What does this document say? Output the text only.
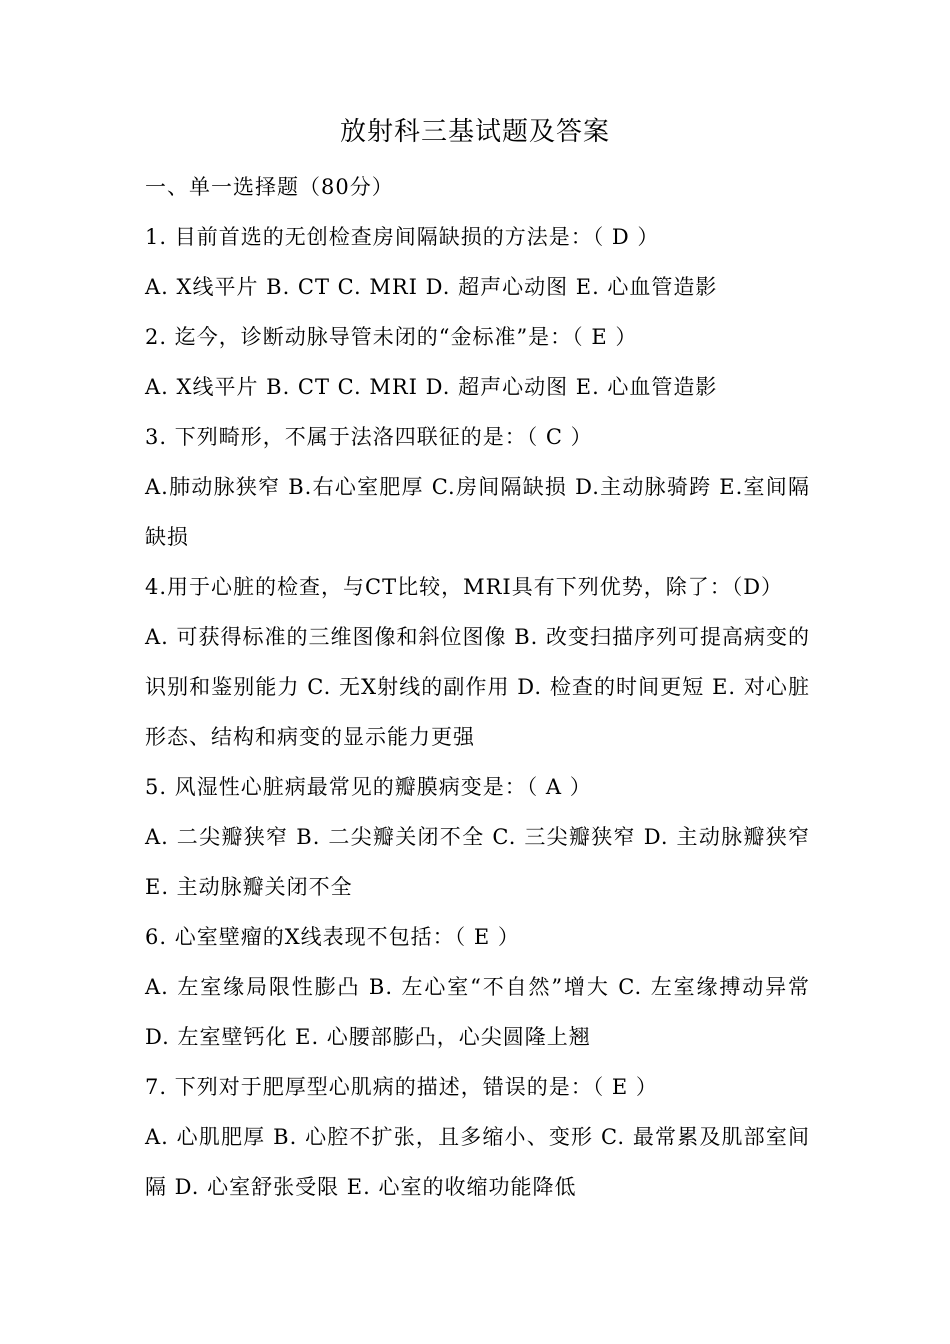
放射科三基试题及答案
一、单一选择题（80分）
1. 目前首选的无创检查房间隔缺损的方法是：（ D ）
A. X线平片 B. CT C. MRI D. 超声心动图 E. 心血管造影
2. 迄今，诊断动脉导管未闭的“金标准”是：（ E ）
A. X线平片 B. CT C. MRI D. 超声心动图 E. 心血管造影
3. 下列畸形，不属于法洛四联征的是：（ C ）
A.肺动脉狭窄 B.右心室肥厚 C.房间隔缺损 D.主动脉骑跨 E.室间隔缺损
4.用于心脏的检查，与CT比较，MRI具有下列优势，除了：（D）
A. 可获得标准的三维图像和斜位图像 B. 改变扫描序列可提高病变的识别和鉴别能力 C. 无X射线的副作用 D. 检查的时间更短 E. 对心脏形态、结构和病变的显示能力更强
5. 风湿性心脏病最常见的瓣膜病变是：（ A ）
A. 二尖瓣狭窄 B. 二尖瓣关闭不全 C. 三尖瓣狭窄 D. 主动脉瓣狭窄 E. 主动脉瓣关闭不全
6. 心室壁瘤的X线表现不包括：（ E ）
A. 左室缘局限性膨凸 B. 左心室“不自然”增大 C. 左室缘搏动异常 D. 左室壁钙化 E. 心腰部膨凸，心尖圆隆上翘
7. 下列对于肥厚型心肌病的描述，错误的是：（ E ）
A. 心肌肥厚 B. 心腔不扩张，且多缩小、变形 C. 最常累及肌部室间隔 D. 心室舒张受限 E. 心室的收缩功能降低
